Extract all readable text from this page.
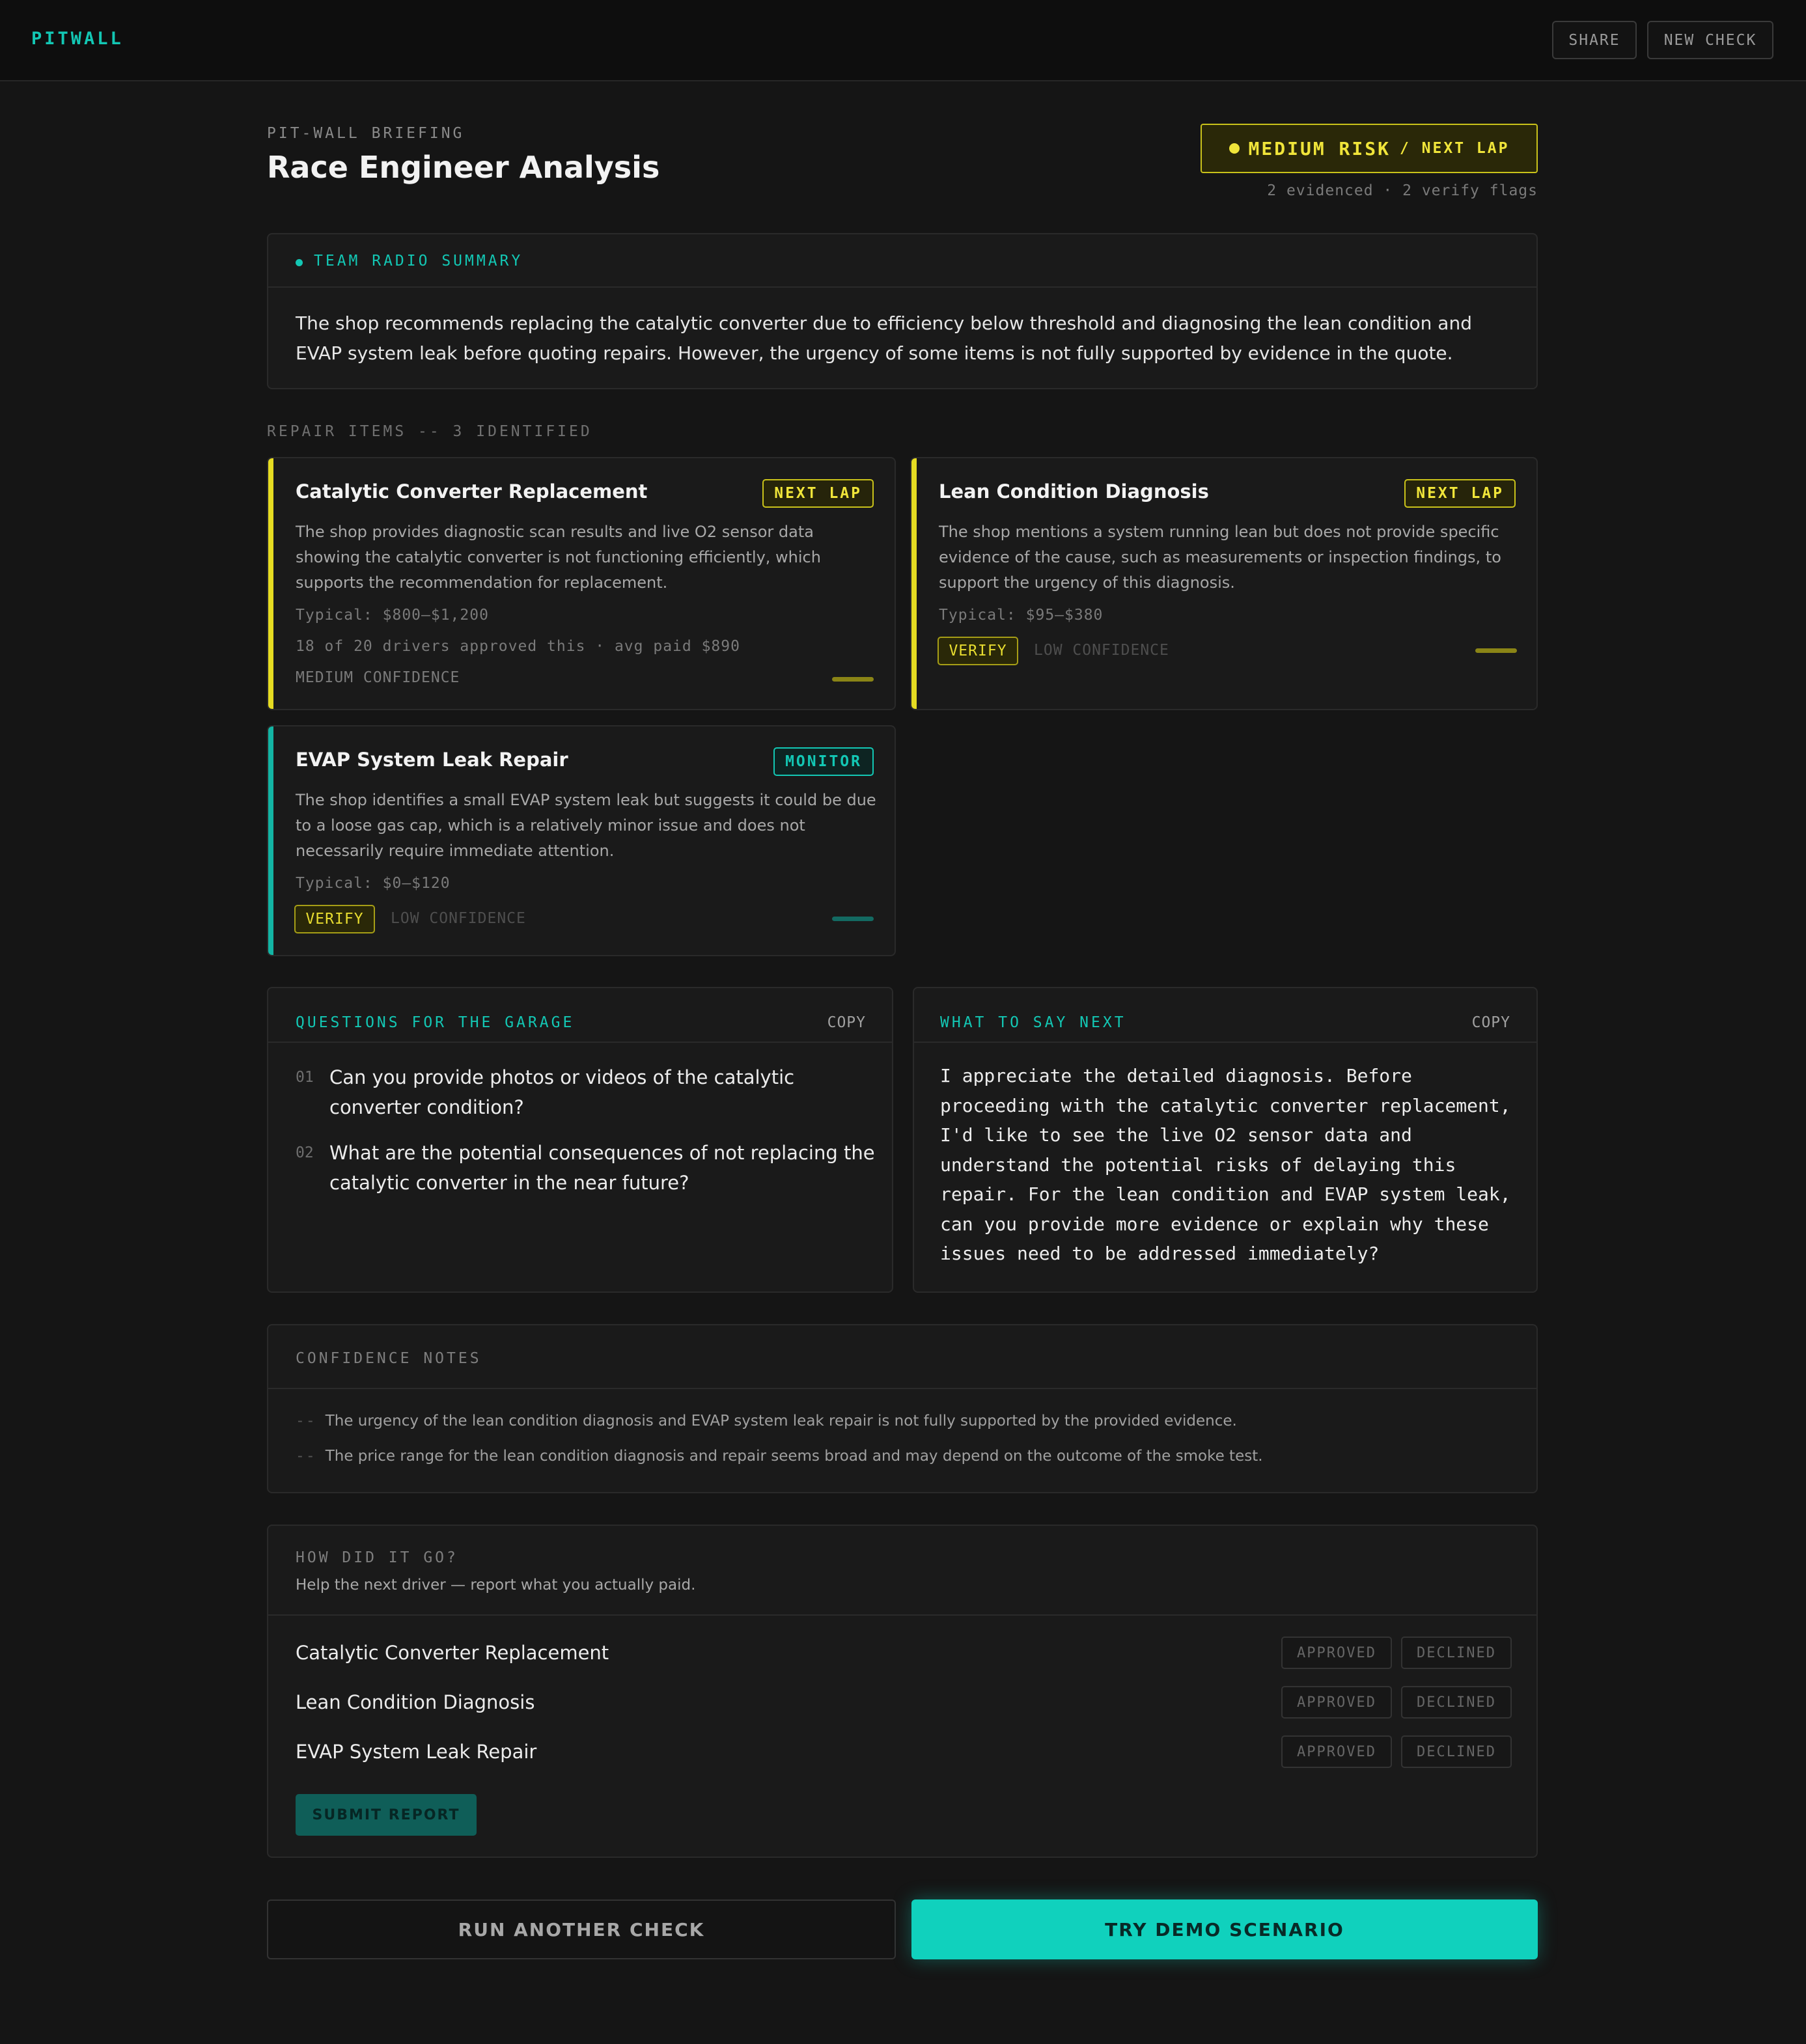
PITWALL	SHARE	NEW CHECK
PIT-WALL BRIEFING
Race Engineer Analysis
MEDIUM RISK / NEXT LAP
2 evidenced · 2 verify flags
TEAM RADIO SUMMARY
The shop recommends replacing the catalytic converter due to efficiency below threshold and diagnosing the lean condition and EVAP system leak before quoting repairs. However, the urgency of some items is not fully supported by evidence in the quote.
REPAIR ITEMS -- 3 IDENTIFIED
Catalytic Converter Replacement	NEXT LAP
The shop provides diagnostic scan results and live O2 sensor data showing the catalytic converter is not functioning efficiently, which supports the recommendation for replacement.
Typical: $800–$1,200
18 of 20 drivers approved this · avg paid $890
MEDIUM CONFIDENCE
Lean Condition Diagnosis	NEXT LAP
The shop mentions a system running lean but does not provide specific evidence of the cause, such as measurements or inspection findings, to support the urgency of this diagnosis.
Typical: $95–$380
VERIFY	LOW CONFIDENCE
EVAP System Leak Repair	MONITOR
The shop identifies a small EVAP system leak but suggests it could be due to a loose gas cap, which is a relatively minor issue and does not necessarily require immediate attention.
Typical: $0–$120
VERIFY	LOW CONFIDENCE
QUESTIONS FOR THE GARAGE	COPY
01 Can you provide photos or videos of the catalytic converter condition?
02 What are the potential consequences of not replacing the catalytic converter in the near future?
WHAT TO SAY NEXT	COPY
I appreciate the detailed diagnosis. Before proceeding with the catalytic converter replacement, I'd like to see the live O2 sensor data and understand the potential risks of delaying this repair. For the lean condition and EVAP system leak, can you provide more evidence or explain why these issues need to be addressed immediately?
CONFIDENCE NOTES
-- The urgency of the lean condition diagnosis and EVAP system leak repair is not fully supported by the provided evidence.
-- The price range for the lean condition diagnosis and repair seems broad and may depend on the outcome of the smoke test.
HOW DID IT GO?
Help the next driver — report what you actually paid.
Catalytic Converter Replacement	APPROVED	DECLINED
Lean Condition Diagnosis	APPROVED	DECLINED
EVAP System Leak Repair	APPROVED	DECLINED
SUBMIT REPORT
RUN ANOTHER CHECK	TRY DEMO SCENARIO
